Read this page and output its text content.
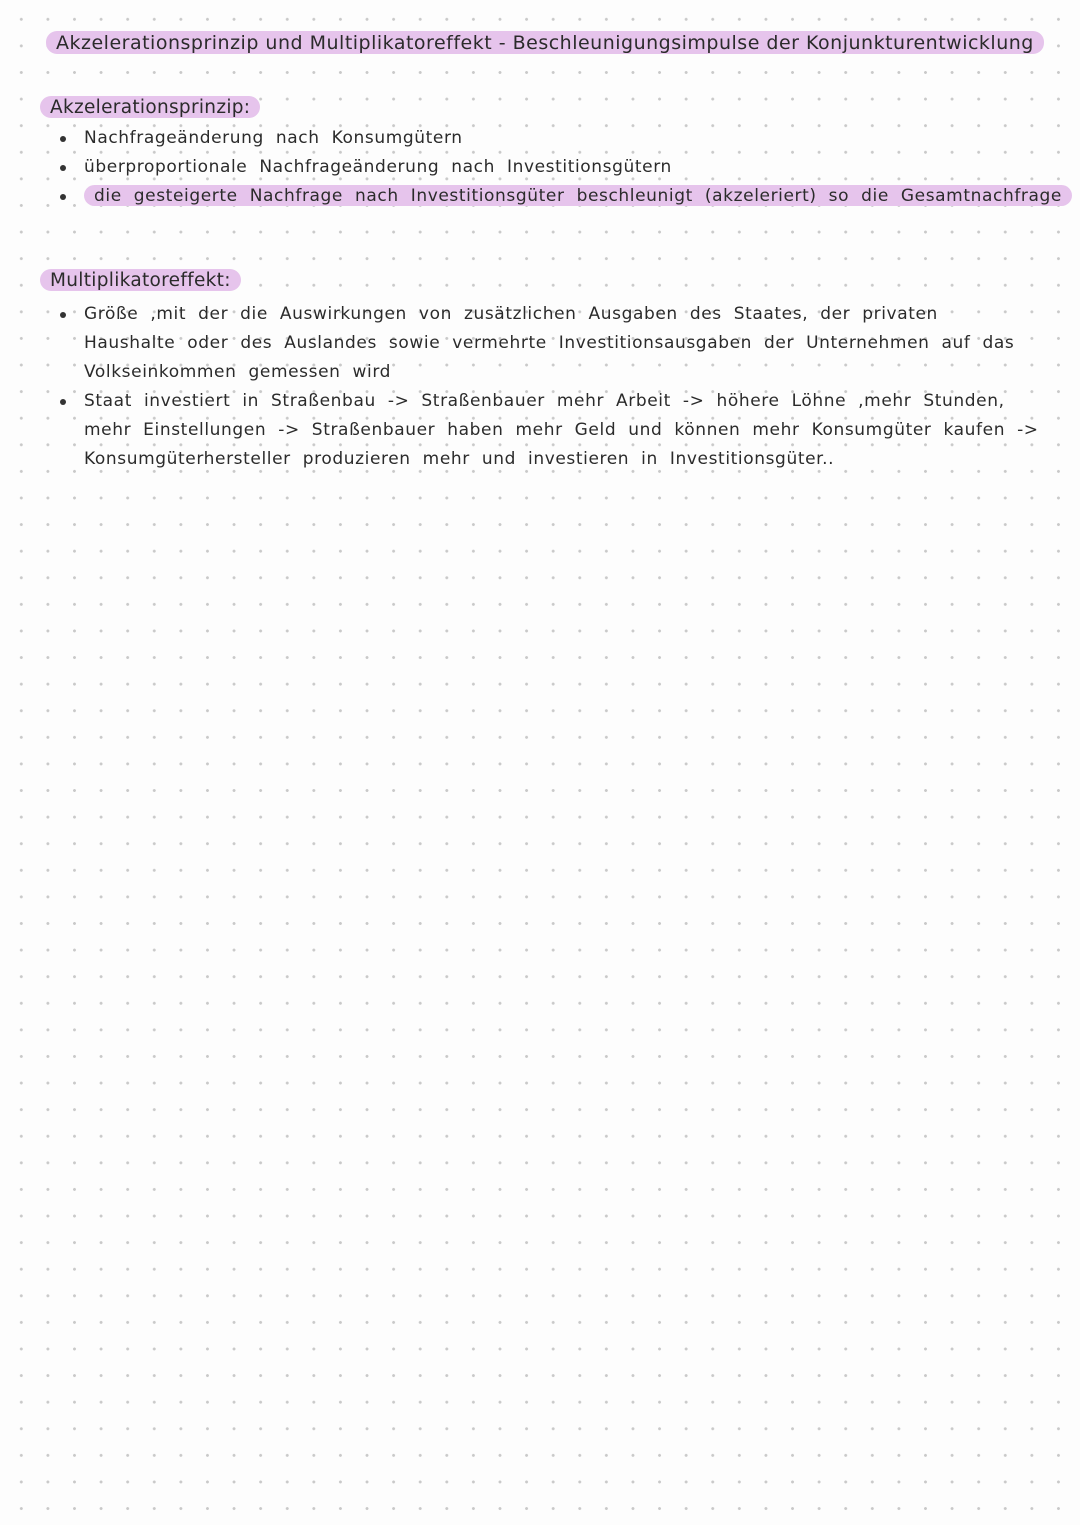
Akzelerationsprinzip und Multiplikatoreffekt - Beschleunigungsimpulse der Konjunkturentwicklung
Akzelerationsprinzip:
Nachfrageänderung nach Konsumgütern
überproportionale Nachfrageänderung nach Investitionsgütern
die gesteigerte Nachfrage nach Investitionsgüter beschleunigt (akzeleriert) so die Gesamtnachfrage
Multiplikatoreffekt:
Größe ,mit der die Auswirkungen von zusätzlichen Ausgaben des Staates, der privaten Haushalte oder des Auslandes sowie vermehrte Investitionsausgaben der Unternehmen auf das Volkseinkommen gemessen wird
Staat investiert in Straßenbau -> Straßenbauer mehr Arbeit -> höhere Löhne ,mehr Stunden, mehr Einstellungen -> Straßenbauer haben mehr Geld und können mehr Konsumgüter kaufen -> Konsumgüterhersteller produzieren mehr und investieren in Investitionsgüter..
